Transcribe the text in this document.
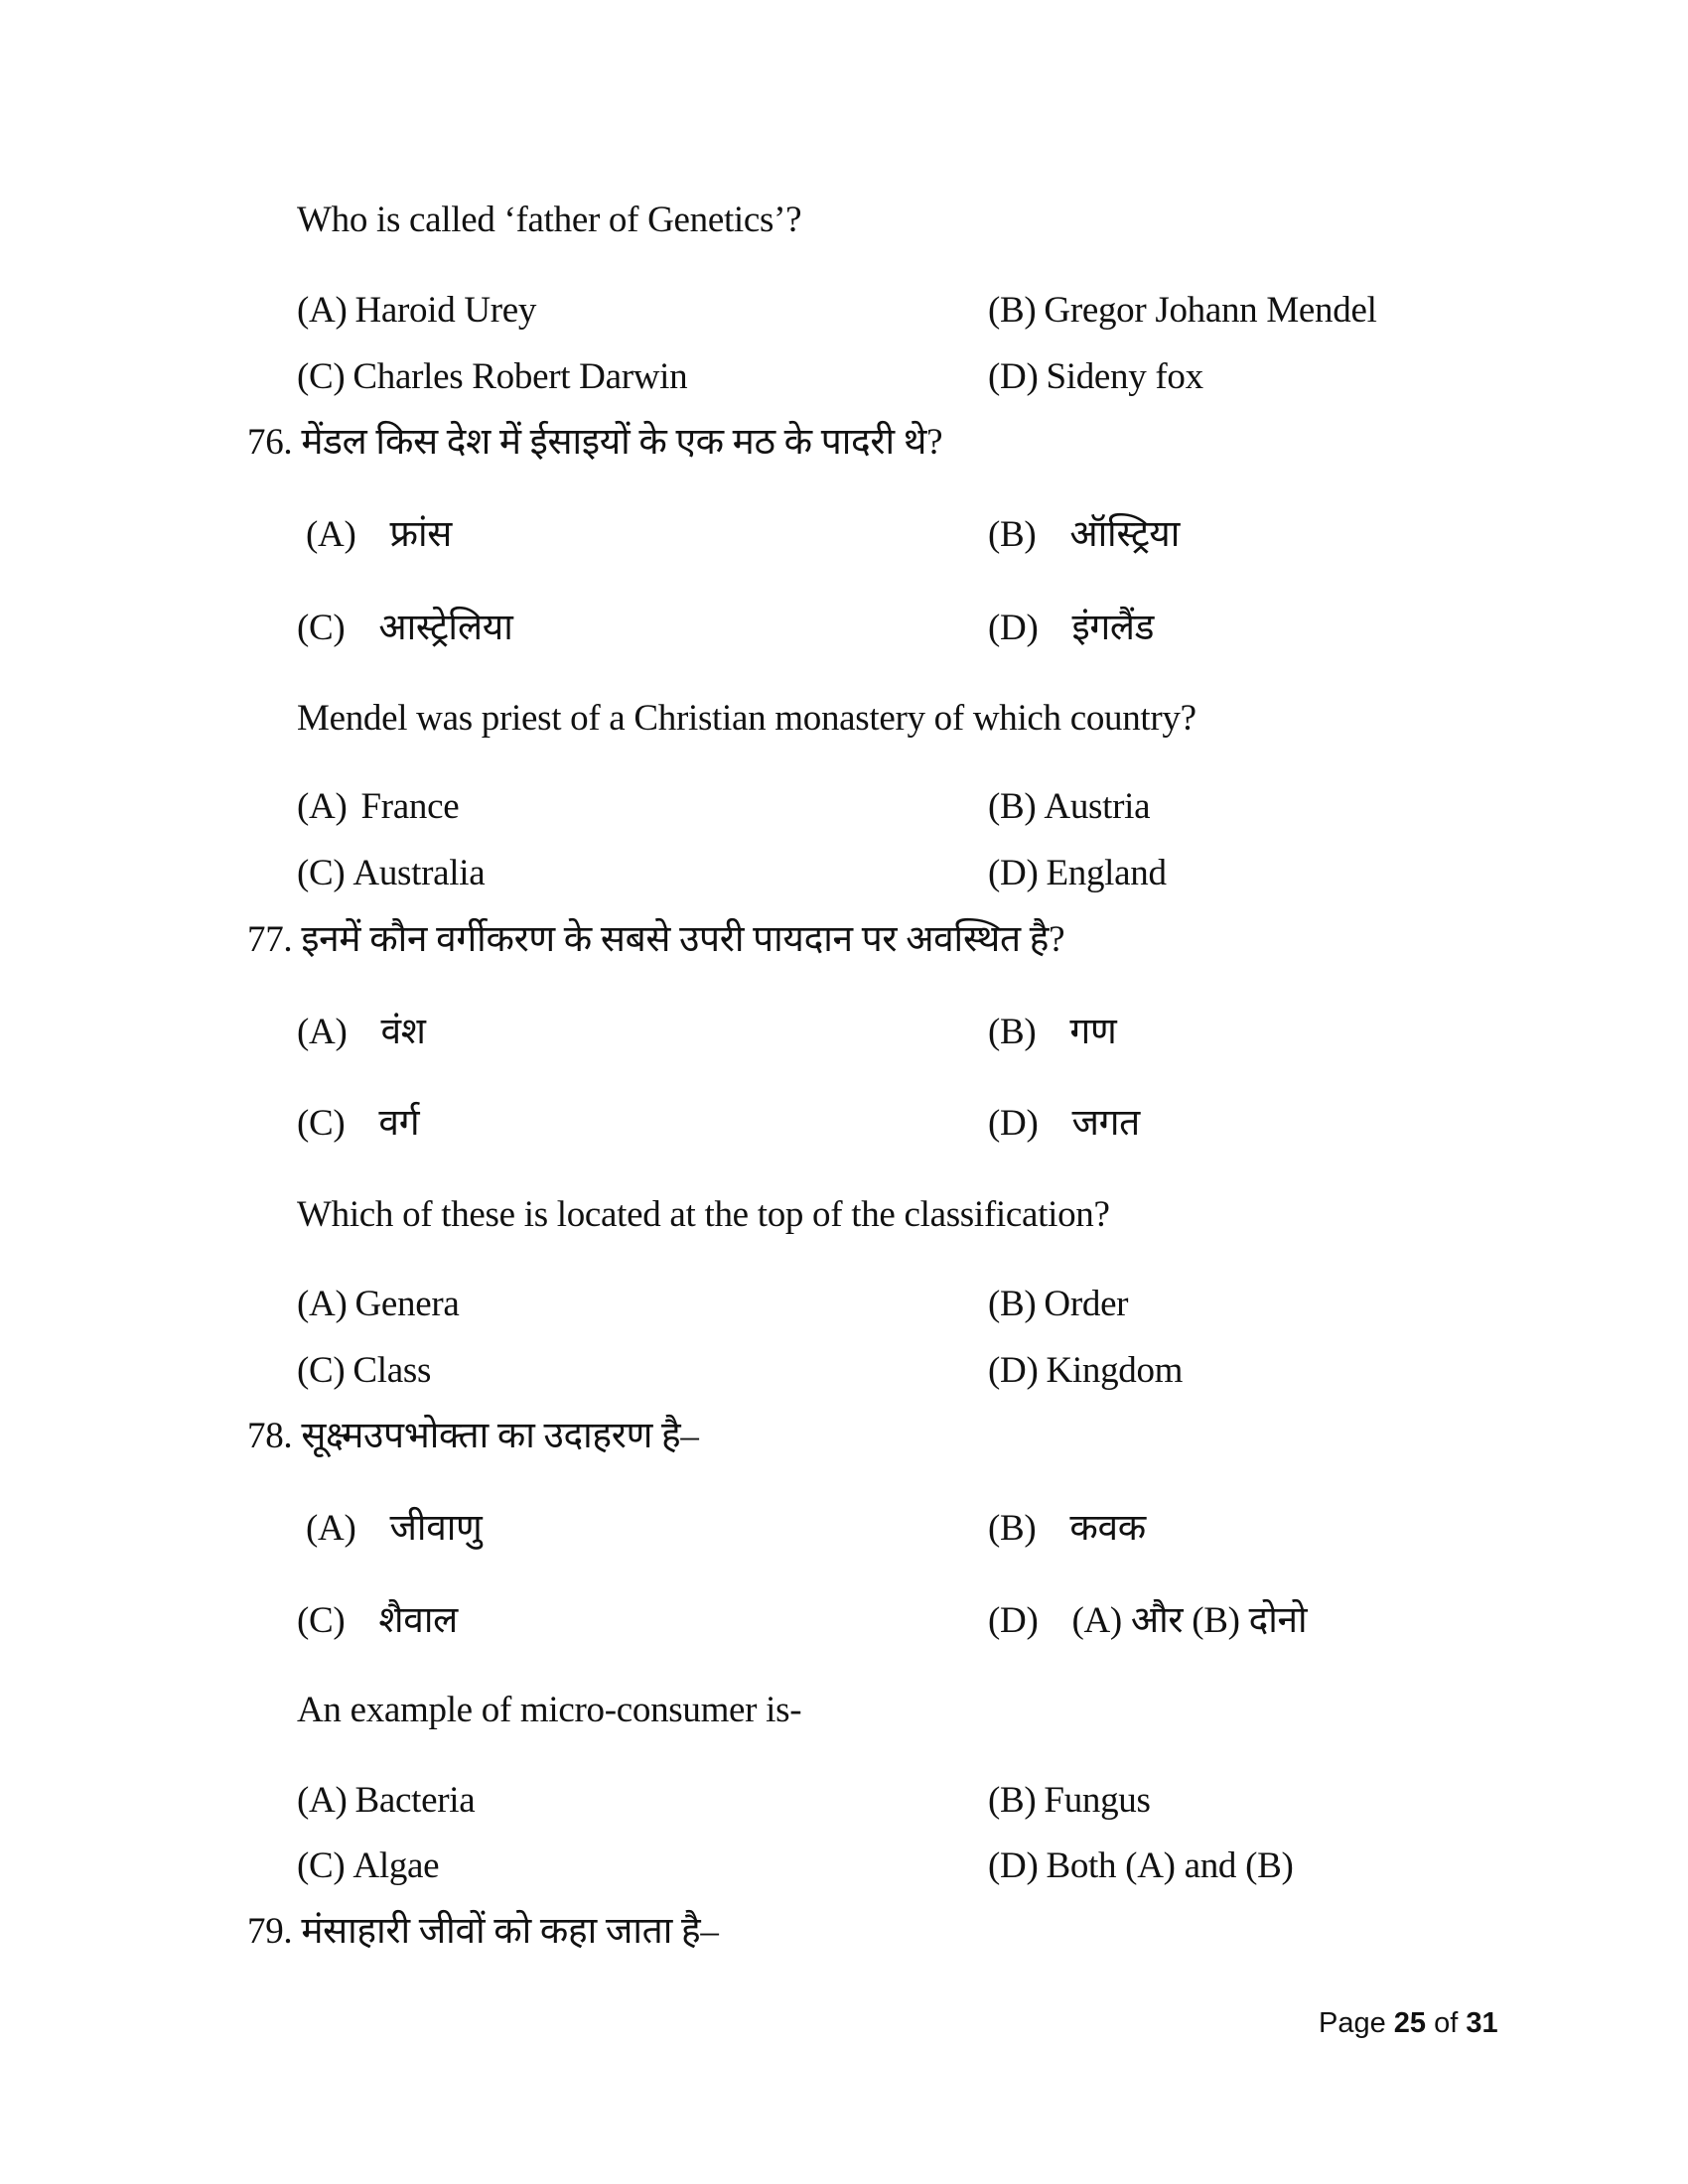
Who is called ‘father of Genetics’?
(A) Haroid Urey	(B) Gregor Johann Mendel
(C) Charles Robert Darwin	(D) Sideny fox
76. मेंडल किस देश में ईसाइयों के एक मठ के पादरी थे?
(A) फ्रांस	(B) ऑस्ट्रिया
(C) आस्ट्रेलिया	(D) इंगलैंड
Mendel was priest of a Christian monastery of which country?
(A) France	(B) Austria
(C) Australia	(D) England
77. इनमें कौन वर्गीकरण के सबसे उपरी पायदान पर अवस्थित है?
(A) वंश	(B) गण
(C) वर्ग	(D) जगत
Which of these is located at the top of the classification?
(A) Genera	(B) Order
(C) Class	(D) Kingdom
78. सूक्ष्मउपभोक्ता का उदाहरण है–
(A) जीवाणु	(B) कवक
(C) शैवाल	(D) (A) और (B) दोनो
An example of micro-consumer is-
(A) Bacteria	(B) Fungus
(C) Algae	(D) Both (A) and (B)
79. मंसाहारी जीवों को कहा जाता है–
Page 25 of 31
